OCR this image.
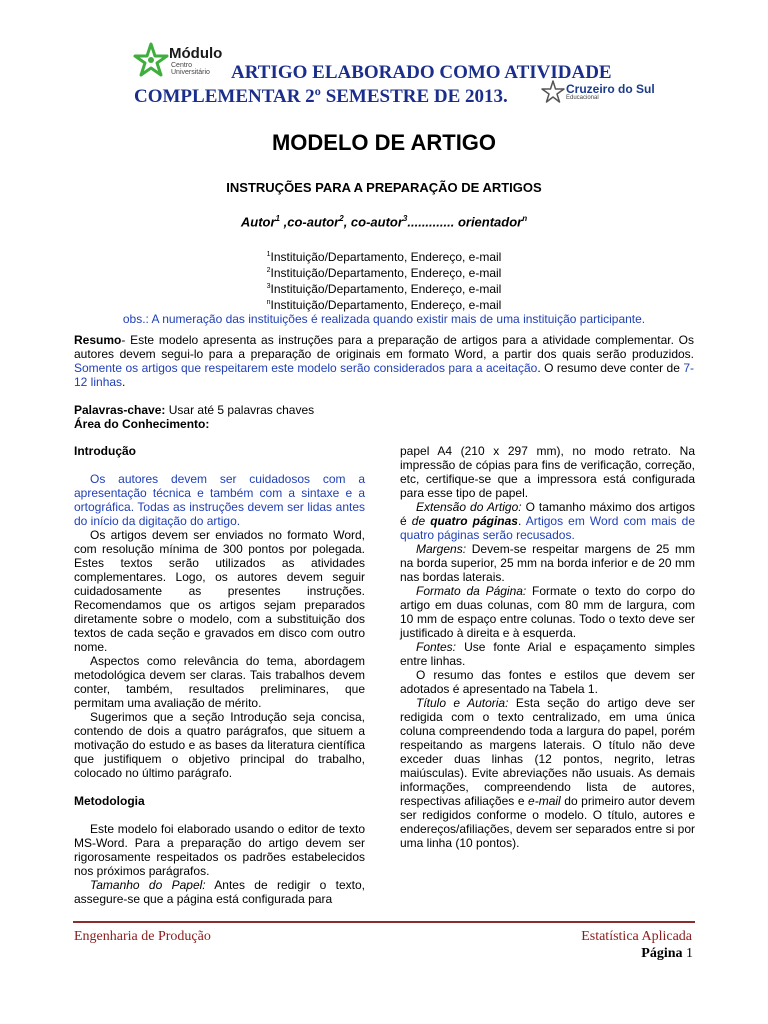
Módulo
Centro Universitário	ARTIGO ELABORADO COMO ATIVIDADE
COMPLEMENTAR 2º SEMESTRE DE 2013.	Cruzeiro do Sul
Educacional
MODELO DE ARTIGO
INSTRUÇÕES PARA A PREPARAÇÃO DE ARTIGOS
Autor$^1$ ,co-autor$^2$, co-autor$^3$............. orientador$^n$
$^1$Instituição/Departamento, Endereço, e-mail
$^2$Instituição/Departamento, Endereço, e-mail
$^3$Instituição/Departamento, Endereço, e-mail
$^n$Instituição/Departamento, Endereço, e-mail
obs.: A numeração das instituições é realizada quando existir mais de uma instituição participante.
Resumo- Este modelo apresenta as instruções para a preparação de artigos para a atividade complementar. Os autores devem segui-lo para a preparação de originais em formato Word, a partir dos quais serão produzidos. Somente os artigos que respeitarem este modelo serão considerados para a aceitação. O resumo deve conter de 7-12 linhas.
Palavras-chave: Usar até 5 palavras chaves
Área do Conhecimento:
Introdução

Os autores devem ser cuidadosos com a apresentação técnica e também com a sintaxe e a ortográfica. Todas as instruções devem ser lidas antes do início da digitação do artigo.

Os artigos devem ser enviados no formato Word, com resolução mínima de 300 pontos por polegada. Estes textos serão utilizados as atividades complementares. Logo, os autores devem seguir cuidadosamente as presentes instruções. Recomendamos que os artigos sejam preparados diretamente sobre o modelo, com a substituição dos textos de cada seção e gravados em disco com outro nome.

Aspectos como relevância do tema, abordagem metodológica devem ser claras. Tais trabalhos devem conter, também, resultados preliminares, que permitam uma avaliação de mérito.

Sugerimos que a seção Introdução seja concisa, contendo de dois a quatro parágrafos, que situem a motivação do estudo e as bases da literatura científica que justifiquem o objetivo principal do trabalho, colocado no último parágrafo.

Metodologia

Este modelo foi elaborado usando o editor de texto MS-Word. Para a preparação do artigo devem ser rigorosamente respeitados os padrões estabelecidos nos próximos parágrafos.

Tamanho do Papel: Antes de redigir o texto, assegure-se que a página está configurada para

papel A4 (210 x 297 mm), no modo retrato. Na impressão de cópias para fins de verificação, correção, etc, certifique-se que a impressora está configurada para esse tipo de papel.

Extensão do Artigo: O tamanho máximo dos artigos é de quatro páginas. Artigos em Word com mais de quatro páginas serão recusados.

Margens: Devem-se respeitar margens de 25 mm na borda superior, 25 mm na borda inferior e de 20 mm nas bordas laterais.

Formato da Página: Formate o texto do corpo do artigo em duas colunas, com 80 mm de largura, com 10 mm de espaço entre colunas. Todo o texto deve ser justificado à direita e à esquerda.

Fontes: Use fonte Arial e espaçamento simples entre linhas.

O resumo das fontes e estilos que devem ser adotados é apresentado na Tabela 1.

Título e Autoria: Esta seção do artigo deve ser redigida com o texto centralizado, em uma única coluna compreendendo toda a largura do papel, porém respeitando as margens laterais. O título não deve exceder duas linhas (12 pontos, negrito, letras maiúsculas). Evite abreviações não usuais. As demais informações, compreendendo lista de autores, respectivas afiliações e e-mail do primeiro autor devem ser redigidos conforme o modelo. O título, autores e endereços/afiliações, devem ser separados entre si por uma linha (10 pontos).

Engenharia de Produção	Estatística Aplicada
Página 1
